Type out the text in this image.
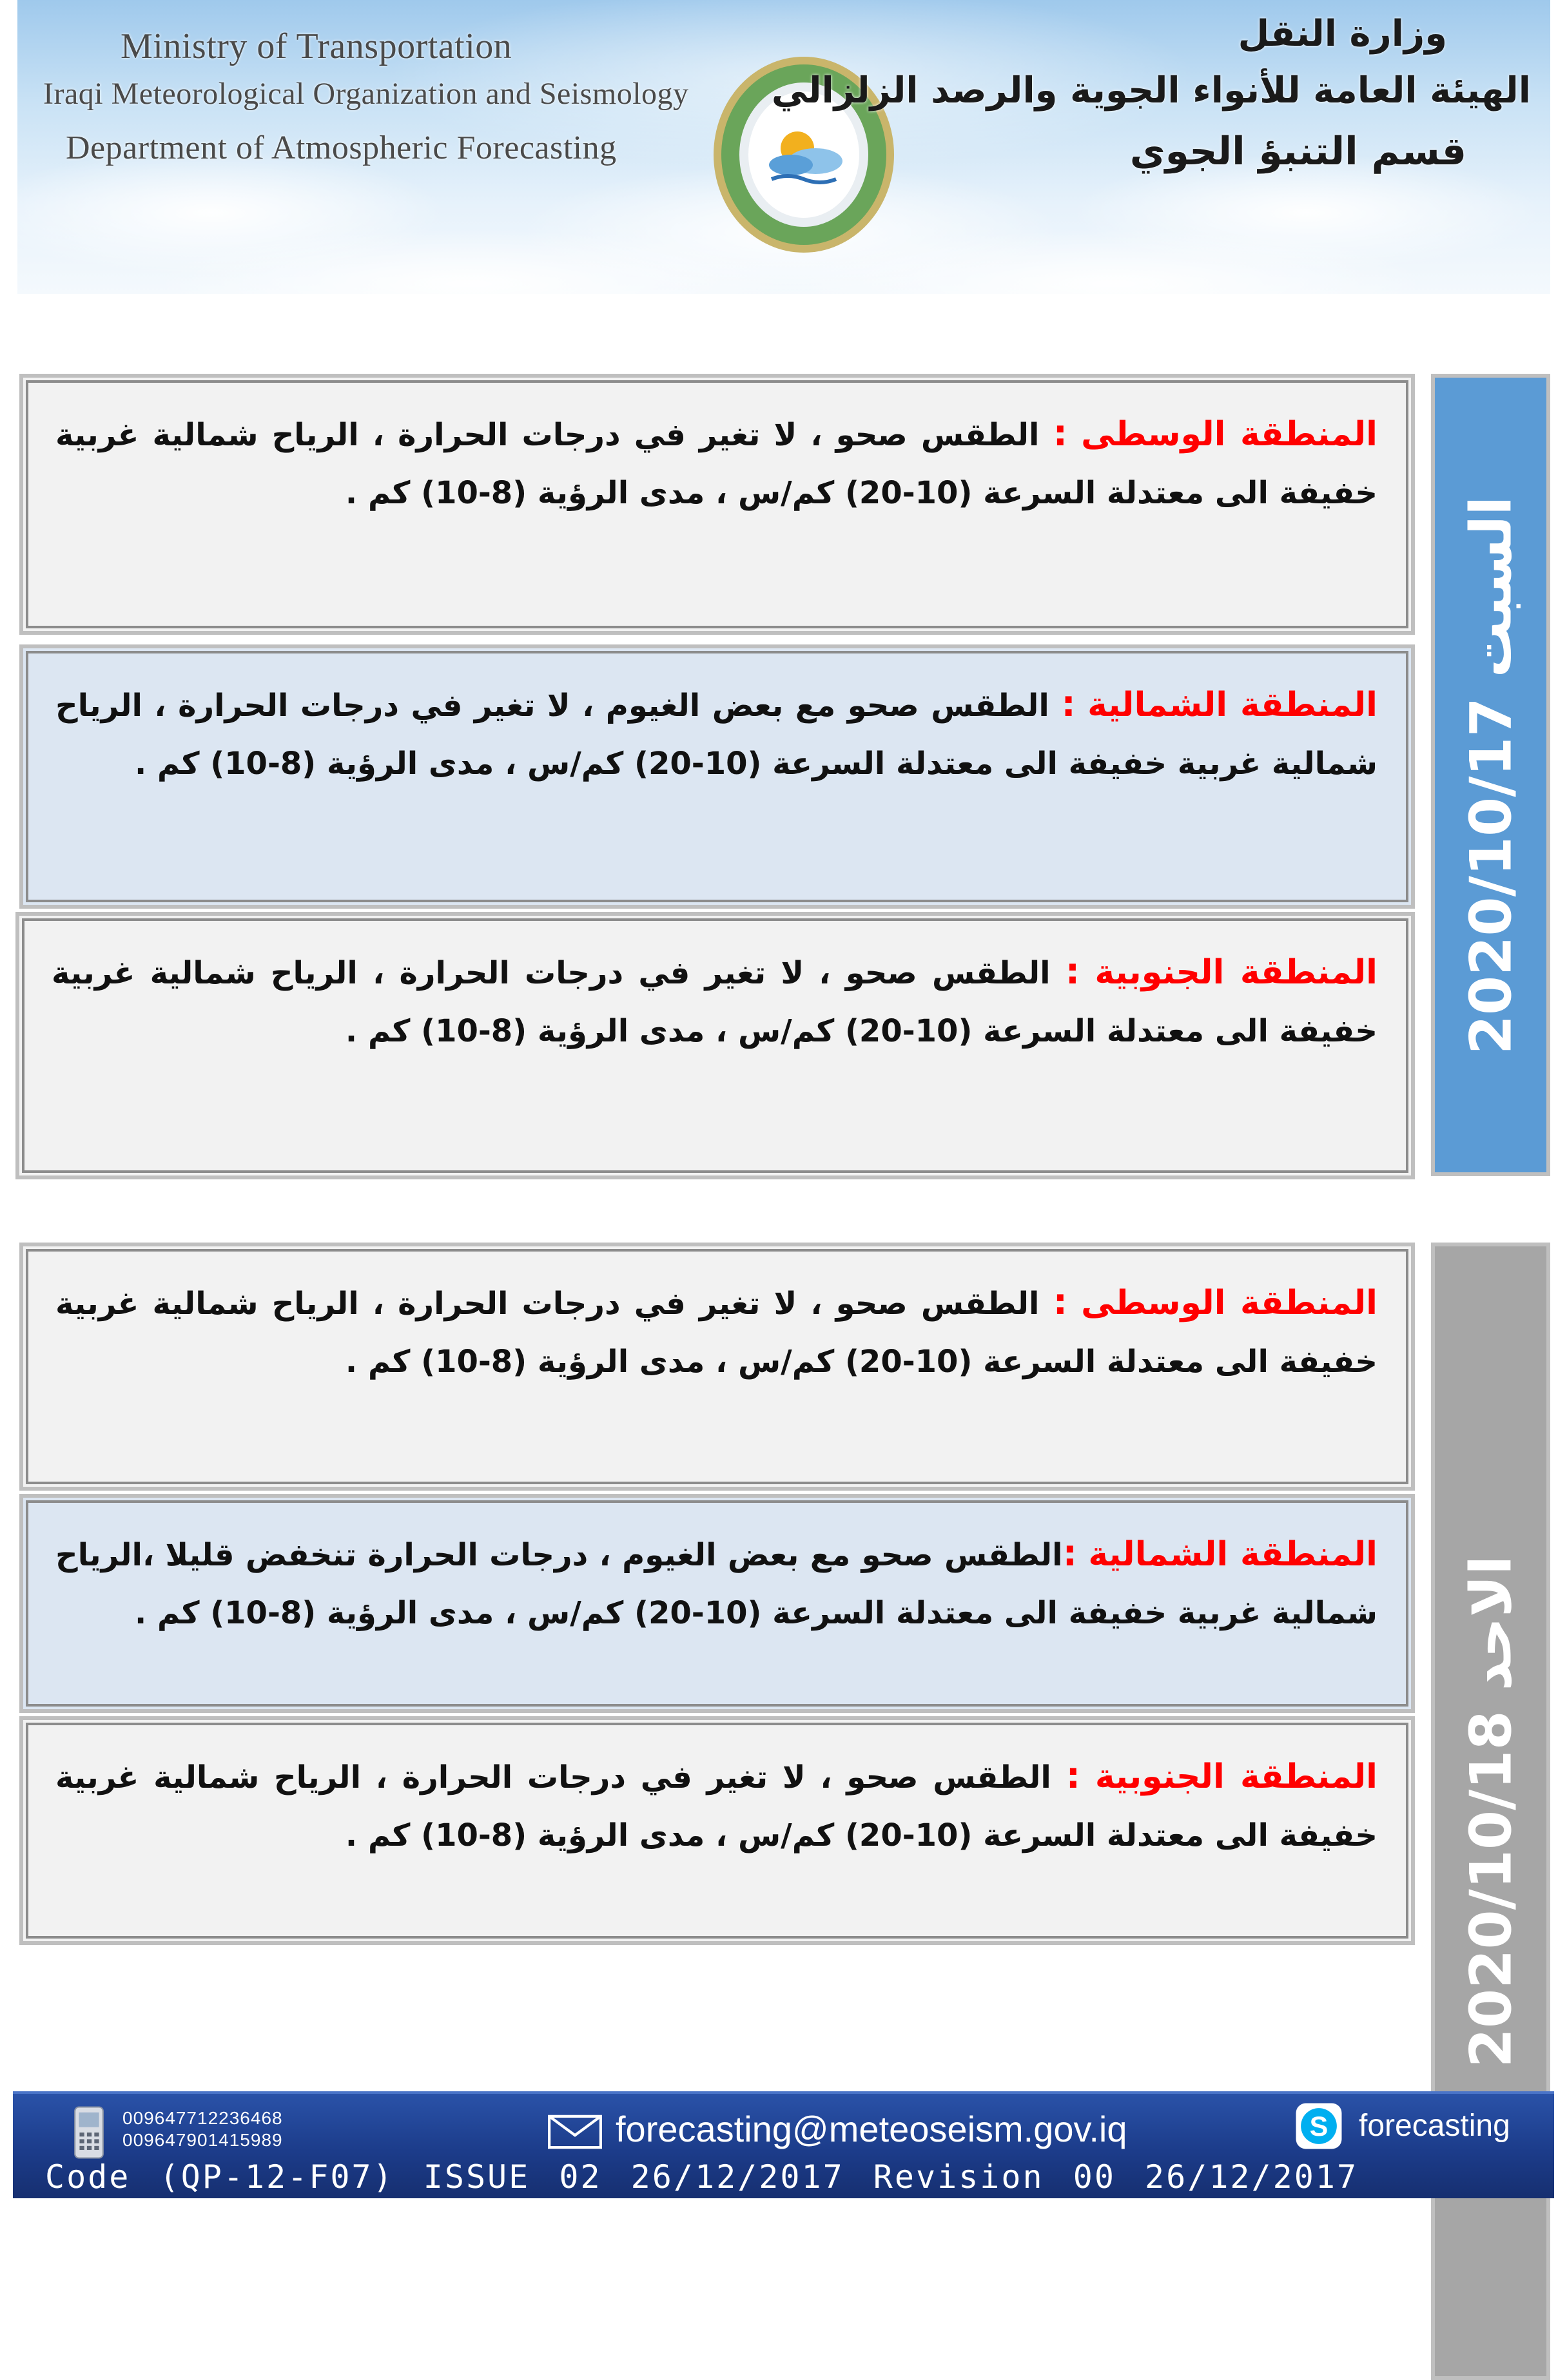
Ministry of Transportation
Iraqi Meteorological Organization and Seismology
Department of Atmospheric Forecasting
وزارة النقل
الهيئة العامة للأنواء الجوية والرصد الزلزالي
قسم التنبؤ الجوي
السبت 2020/10/17
المنطقة الوسطى : الطقس صحو ، لا تغير في درجات الحرارة ، الرياح شمالية غربية خفيفة الى معتدلة السرعة (10-20) كم/س ، مدى الرؤية (8-10) كم .
المنطقة الشمالية : الطقس صحو مع بعض الغيوم ، لا تغير في درجات الحرارة ، الرياح شمالية غربية خفيفة الى معتدلة السرعة (10-20) كم/س ، مدى الرؤية (8-10) كم .
المنطقة الجنوبية : الطقس صحو ، لا تغير في درجات الحرارة ، الرياح شمالية غربية خفيفة الى معتدلة السرعة (10-20) كم/س ، مدى الرؤية (8-10) كم .
الاحد 2020/10/18
المنطقة الوسطى : الطقس صحو ، لا تغير في درجات الحرارة ، الرياح شمالية غربية خفيفة الى معتدلة السرعة (10-20) كم/س ، مدى الرؤية (8-10) كم .
المنطقة الشمالية :الطقس صحو مع بعض الغيوم ، درجات الحرارة تنخفض قليلا ،الرياح شمالية غربية خفيفة الى معتدلة السرعة (10-20) كم/س ، مدى الرؤية (8-10) كم .
المنطقة الجنوبية : الطقس صحو ، لا تغير في درجات الحرارة ، الرياح شمالية غربية خفيفة الى معتدلة السرعة (10-20) كم/س ، مدى الرؤية (8-10) كم .
009647712236468
009647901415989	forecasting@meteoseism.gov.iq	S forecasting
Code (QP-12-F07) ISSUE 02 26/12/2017 Revision 00 26/12/2017
